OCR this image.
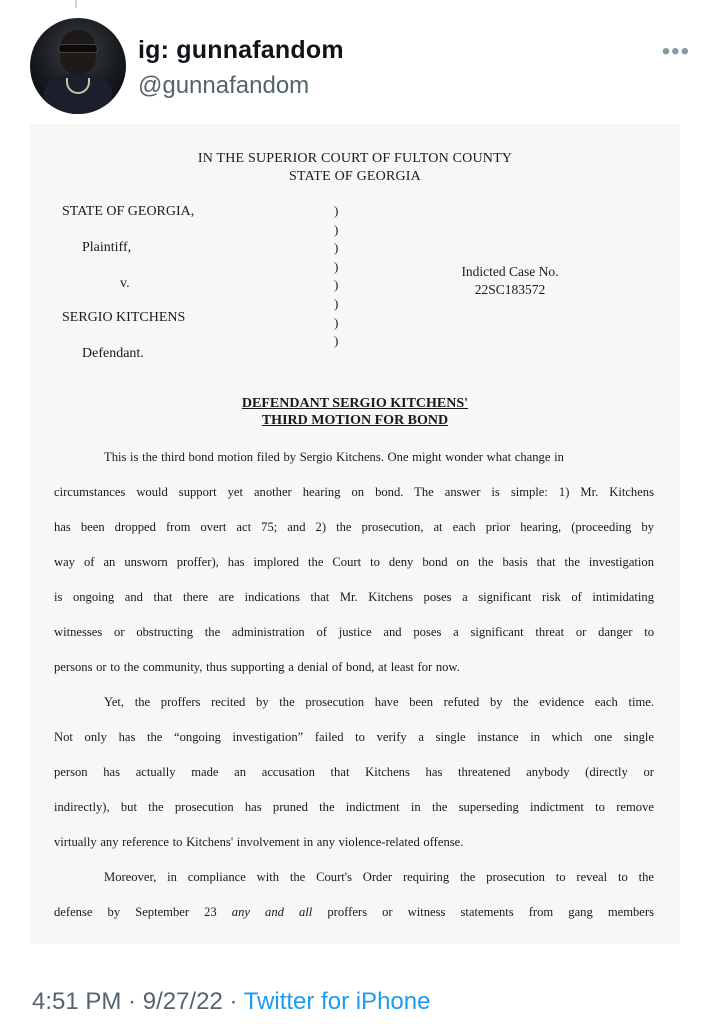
ig: gunnafandom
@gunnafandom
•••
IN THE SUPERIOR COURT OF FULTON COUNTY
STATE OF GEORGIA
STATE OF GEORGIA,
Plaintiff,
v.
SERGIO KITCHENS
Defendant.
)
)
)
)
)
)
)
)
Indicted Case No.
22SC183572
DEFENDANT SERGIO KITCHENS'
THIRD MOTION FOR BOND
This is the third bond motion filed by Sergio Kitchens. One might wonder what change in
circumstances would support yet another hearing on bond. The answer is simple: 1) Mr. Kitchens
has been dropped from overt act 75; and 2) the prosecution, at each prior hearing, (proceeding by
way of an unsworn proffer), has implored the Court to deny bond on the basis that the investigation
is ongoing and that there are indications that Mr. Kitchens poses a significant risk of intimidating
witnesses or obstructing the administration of justice and poses a significant threat or danger to
persons or to the community, thus supporting a denial of bond, at least for now.
Yet, the proffers recited by the prosecution have been refuted by the evidence each time.
Not only has the “ongoing investigation” failed to verify a single instance in which one single
person has actually made an accusation that Kitchens has threatened anybody (directly or
indirectly), but the prosecution has pruned the indictment in the superseding indictment to remove
virtually any reference to Kitchens' involvement in any violence-related offense.
Moreover, in compliance with the Court's Order requiring the prosecution to reveal to the
defense by September 23 any and all proffers or witness statements from gang members
4:51 PM · 9/27/22 · Twitter for iPhone
